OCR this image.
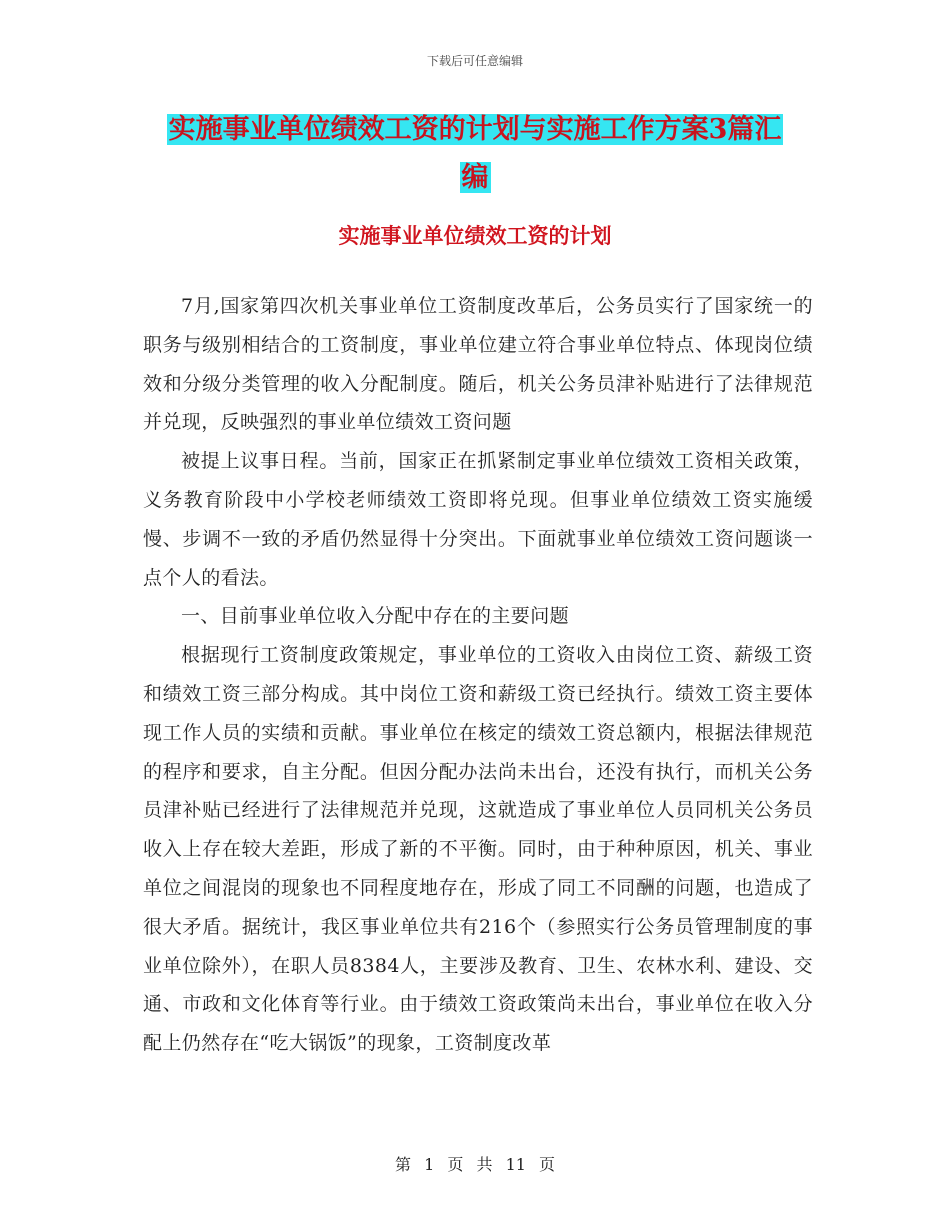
下载后可任意编辑
实施事业单位绩效工资的计划与实施工作方案3篇汇
编
实施事业单位绩效工资的计划

7月,国家第四次机关事业单位工资制度改革后，公务员实行了国家统一的职务与级别相结合的工资制度，事业单位建立符合事业单位特点、体现岗位绩效和分级分类管理的收入分配制度。随后，机关公务员津补贴进行了法律规范并兑现，反映强烈的事业单位绩效工资问题

被提上议事日程。当前，国家正在抓紧制定事业单位绩效工资相关政策，义务教育阶段中小学校老师绩效工资即将兑现。但事业单位绩效工资实施缓慢、步调不一致的矛盾仍然显得十分突出。下面就事业单位绩效工资问题谈一点个人的看法。

一、目前事业单位收入分配中存在的主要问题

根据现行工资制度政策规定，事业单位的工资收入由岗位工资、薪级工资和绩效工资三部分构成。其中岗位工资和薪级工资已经执行。绩效工资主要体现工作人员的实绩和贡献。事业单位在核定的绩效工资总额内，根据法律规范的程序和要求，自主分配。但因分配办法尚未出台，还没有执行，而机关公务员津补贴已经进行了法律规范并兑现，这就造成了事业单位人员同机关公务员收入上存在较大差距，形成了新的不平衡。同时，由于种种原因，机关、事业单位之间混岗的现象也不同程度地存在，形成了同工不同酬的问题，也造成了很大矛盾。据统计，我区事业单位共有216个（参照实行公务员管理制度的事业单位除外），在职人员8384人，主要涉及教育、卫生、农林水利、建设、交通、市政和文化体育等行业。由于绩效工资政策尚未出台，事业单位在收入分配上仍然存在“吃大锅饭”的现象，工资制度改革

第 1 页 共 11 页
